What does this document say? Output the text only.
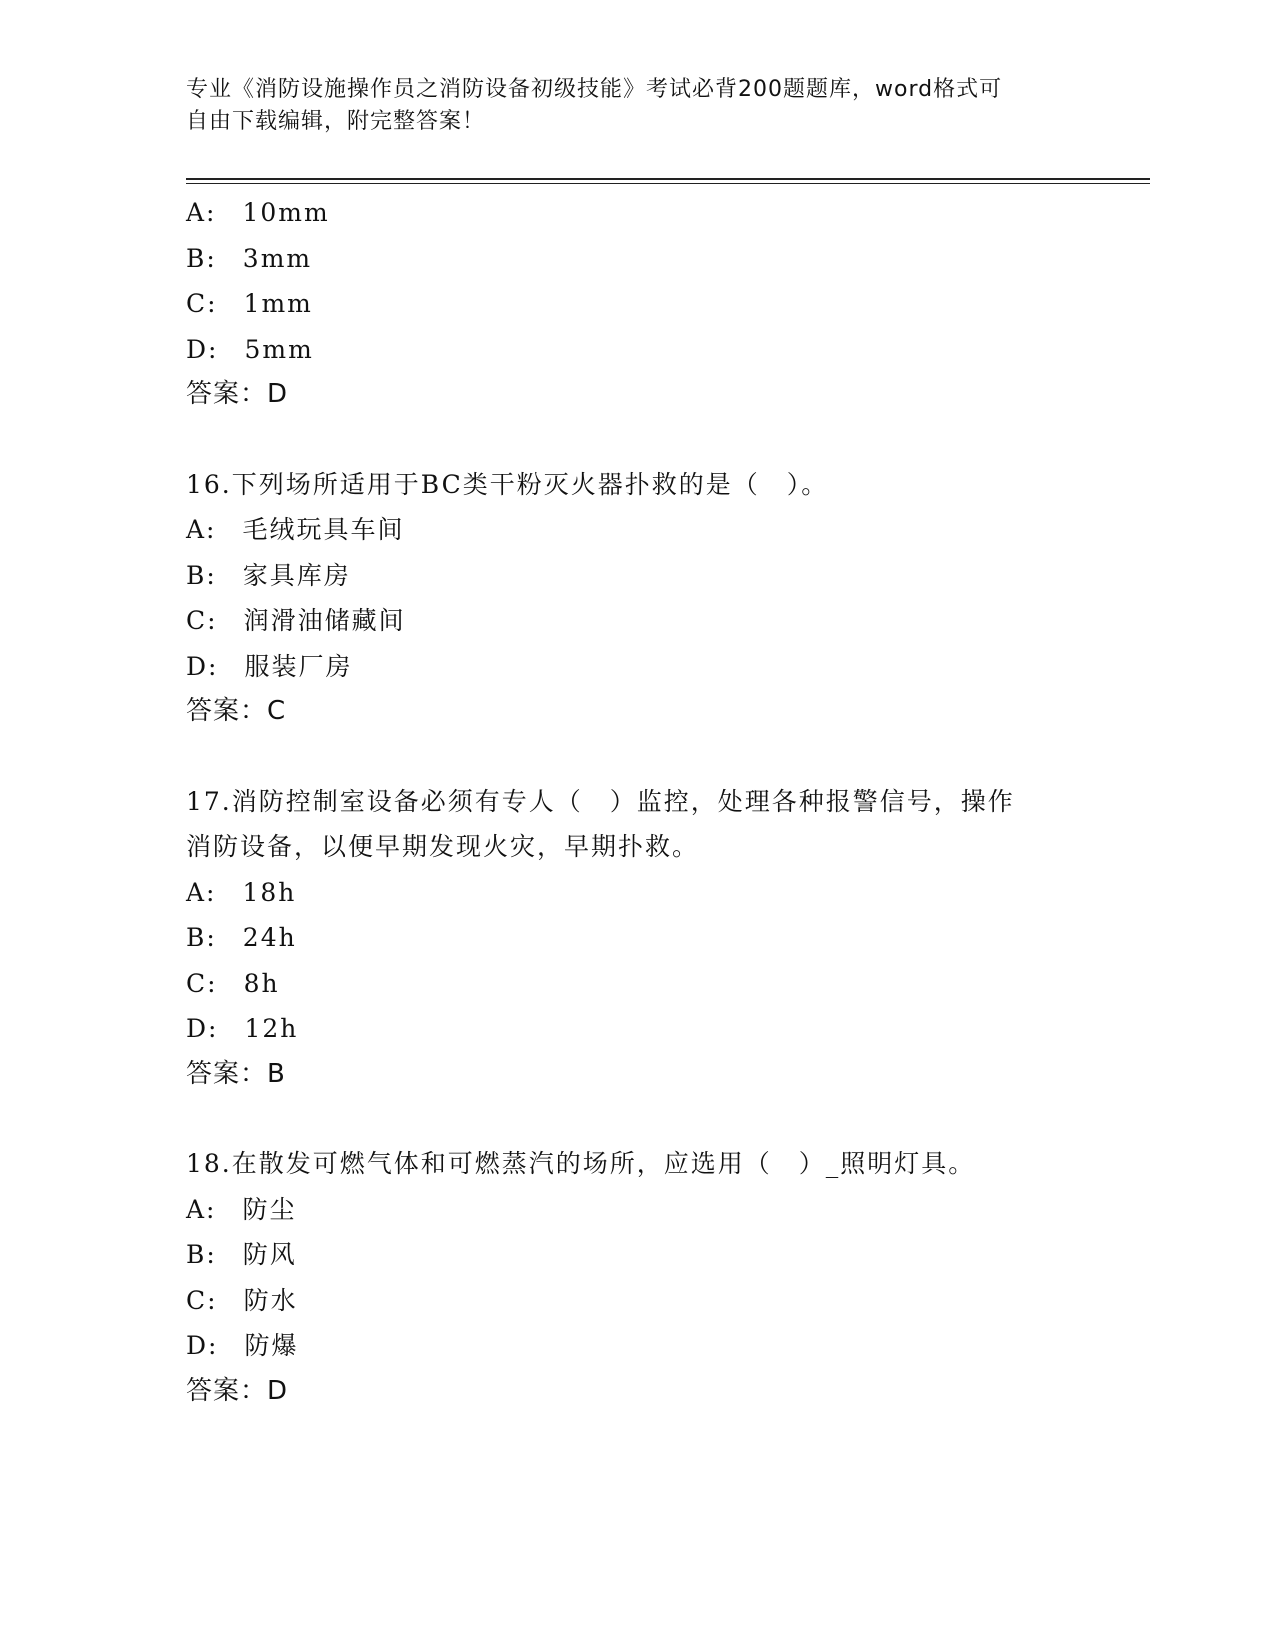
专业《消防设施操作员之消防设备初级技能》考试必背200题题库，word格式可
自由下载编辑，附完整答案！
A: 10mm
B: 3mm
C: 1mm
D: 5mm
答案：D
16.下列场所适用于BC类干粉灭火器扑救的是（　）。
A: 毛绒玩具车间
B: 家具库房
C: 润滑油储藏间
D: 服装厂房
答案：C
17.消防控制室设备必须有专人（　）监控，处理各种报警信号，操作
消防设备，以便早期发现火灾，早期扑救。
A: 18h
B: 24h
C: 8h
D: 12h
答案：B
18.在散发可燃气体和可燃蒸汽的场所，应选用（　）_照明灯具。
A: 防尘
B: 防风
C: 防水
D: 防爆
答案：D
